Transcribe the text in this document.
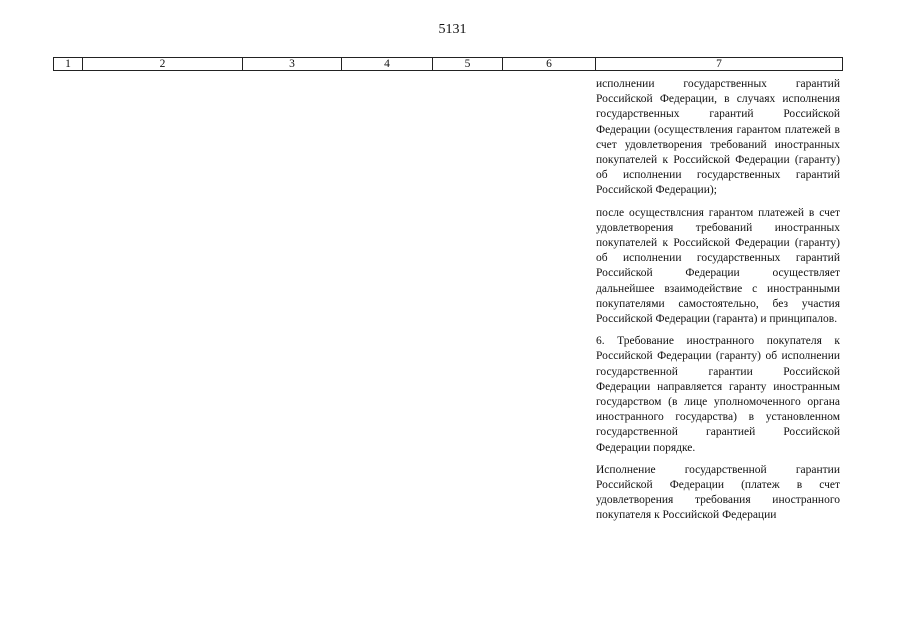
5131
1	2	3	4	5	6	7

исполнении государственных гарантий Российской Федерации, в случаях исполнения государственных гарантий Российской Федерации (осуществления гарантом платежей в счет удовлетворения требований иностранных покупателей к Российской Федерации (гаранту) об исполнении государственных гарантий Российской Федерации);

после осуществлсния гарантом платежей в счет удовлетворения требований иностранных покупателей к Российской Федерации (гаранту) об исполнении государственных гарантий Российской Федерации осуществляет дальнейшее взаимодействие с иностранными покупателями самостоятельно, без участия Российской Федерации (гаранта) и принципалов.

6. Требование иностранного покупателя к Российской Федерации (гаранту) об исполнении государственной гарантии Российской Федерации направляется гаранту иностранным государством (в лице уполномоченного органа иностранного государства) в установленном государственной гарантией Российской Федерации порядке.

Исполнение государственной гарантии Российской Федерации (платеж в счет удовлетворения требования иностранного покупателя к Российской Федерации
